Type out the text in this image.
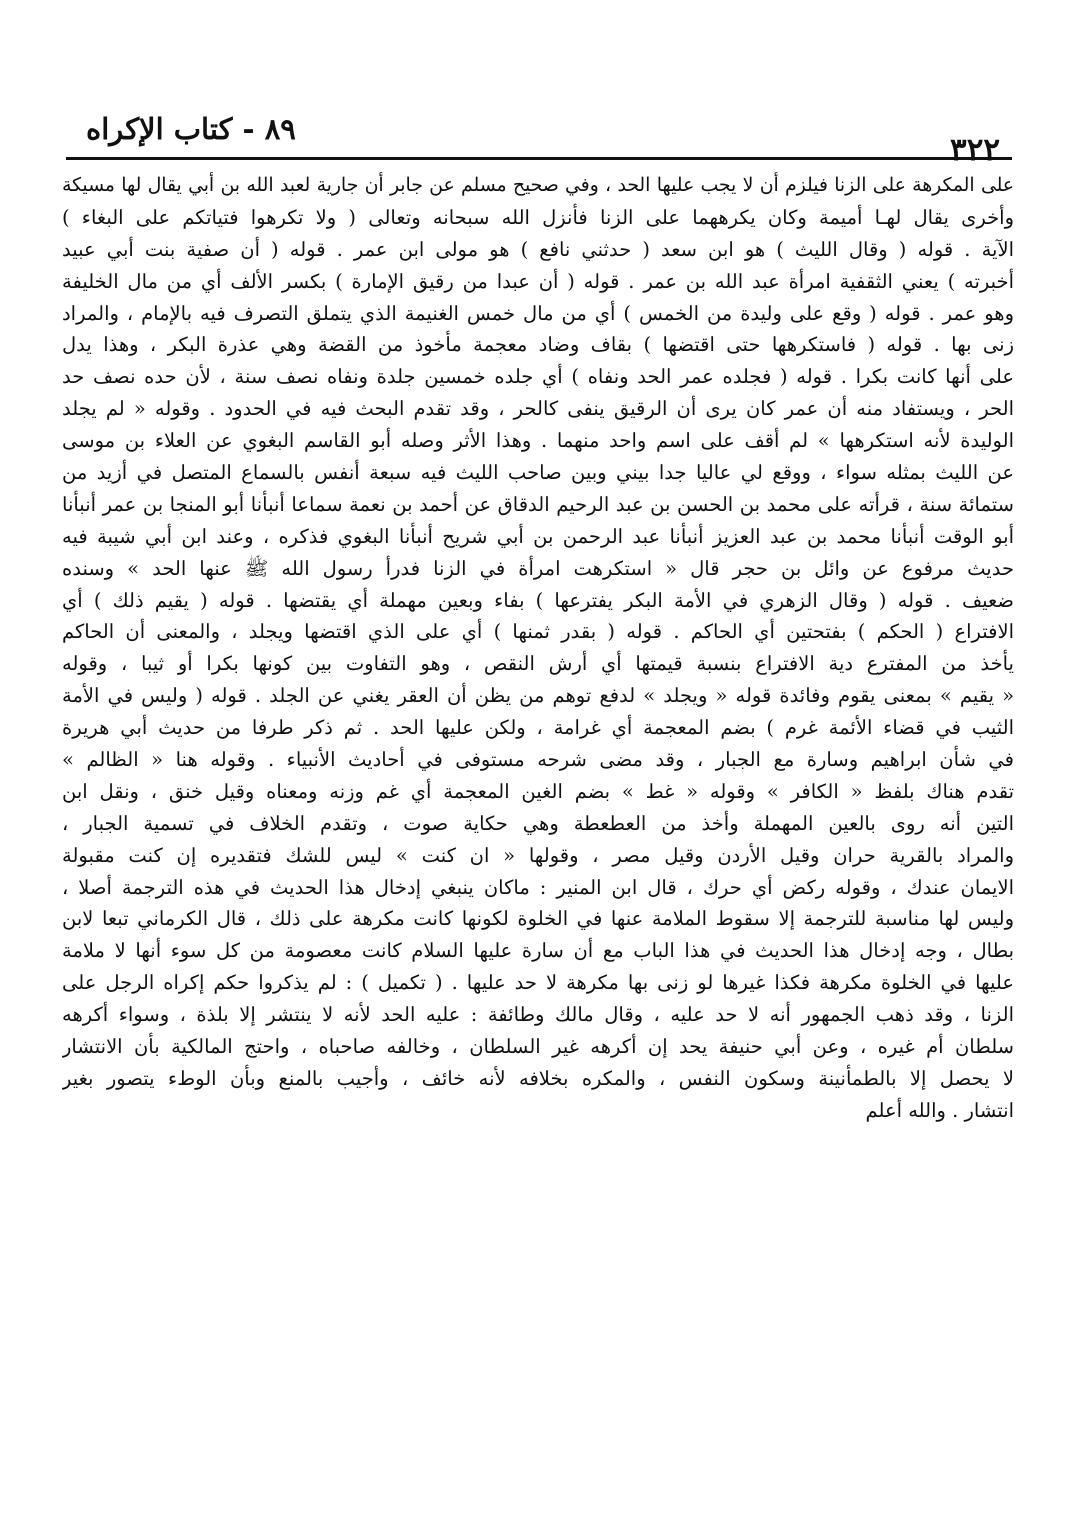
٨٩ - كتاب الإكراه
٣٢٢
على المكرهة على الزنا فيلزم أن لا يجب عليها الحد ، وفي صحيح مسلم عن جابر أن جارية لعبد الله بن أبي يقال لها مسيكة
وأخرى يقال لهـا أميمة وكان يكرههما على الزنا فأنزل الله سبحانه وتعالى ( ولا تكرهوا فتياتكم على البغاء )
الآية . قوله ( وقال الليث ) هو ابن سعد ( حدثني نافع ) هو مولى ابن عمر . قوله ( أن صفية بنت أبي عبيد
أخبرته ) يعني الثقفية امرأة عبد الله بن عمر . قوله ( أن عبدا من رقيق الإمارة ) بكسر الألف أي من مال الخليفة
وهو عمر . قوله ( وقع على وليدة من الخمس ) أي من مال خمس الغنيمة الذي يتملق التصرف فيه بالإمام ، والمراد
زنى بها . قوله ( فاستكرهها حتى اقتضها ) بقاف وضاد معجمة مأخوذ من القضة وهي عذرة البكر ، وهذا يدل
على أنها كانت بكرا . قوله ( فجلده عمر الحد ونفاه ) أي جلده خمسين جلدة ونفاه نصف سنة ، لأن حده نصف حد
الحر ، ويستفاد منه أن عمر كان يرى أن الرقيق ينفى كالحر ، وقد تقدم البحث فيه في الحدود . وقوله « لم يجلد
الوليدة لأنه استكرهها » لم أقف على اسم واحد منهما . وهذا الأثر وصله أبو القاسم البغوي عن العلاء بن موسى
عن الليث بمثله سواء ، ووقع لي عاليا جدا بيني وبين صاحب الليث فيه سبعة أنفس بالسماع المتصل في أزيد من
ستمائة سنة ، قرأته على محمد بن الحسن بن عبد الرحيم الدقاق عن أحمد بن نعمة سماعا أنبأنا أبو المنجا بن عمر أنبأنا
أبو الوقت أنبأنا محمد بن عبد العزيز أنبأنا عبد الرحمن بن أبي شريح أنبأنا البغوي فذكره ، وعند ابن أبي شيبة فيه
حديث مرفوع عن وائل بن حجر قال « استكرهت امرأة في الزنا فدرأ رسول الله ﷺ عنها الحد » وسنده
ضعيف . قوله ( وقال الزهري في الأمة البكر يفترعها ) بفاء وبعين مهملة أي يقتضها . قوله ( يقيم ذلك ) أي
الافتراع ( الحكم ) بفتحتين أي الحاكم . قوله ( بقدر ثمنها ) أي على الذي اقتضها ويجلد ، والمعنى أن الحاكم
يأخذ من المفترع دية الافتراع بنسبة قيمتها أي أرش النقص ، وهو التفاوت بين كونها بكرا أو ثيبا ، وقوله
« يقيم » بمعنى يقوم وفائدة قوله « ويجلد » لدفع توهم من يظن أن العقر يغني عن الجلد . قوله ( وليس في الأمة
الثيب في قضاء الأئمة غرم ) بضم المعجمة أي غرامة ، ولكن عليها الحد . ثم ذكر طرفا من حديث أبي هريرة
في شأن ابراهيم وسارة مع الجبار ، وقد مضى شرحه مستوفى في أحاديث الأنبياء . وقوله هنا « الظالم »
تقدم هناك بلفظ « الكافر » وقوله « غط » بضم الغين المعجمة أي غم وزنه ومعناه وقيل خنق ، ونقل ابن
التين أنه روى بالعين المهملة وأخذ من العطعطة وهي حكاية صوت ، وتقدم الخلاف في تسمية الجبار ،
والمراد بالقرية حران وقيل الأردن وقيل مصر ، وقولها « ان كنت » ليس للشك فتقديره إن كنت مقبولة
الايمان عندك ، وقوله ركض أي حرك ، قال ابن المنير : ماكان ينبغي إدخال هذا الحديث في هذه الترجمة أصلا ،
وليس لها مناسبة للترجمة إلا سقوط الملامة عنها في الخلوة لكونها كانت مكرهة على ذلك ، قال الكرماني تبعا لابن
بطال ، وجه إدخال هذا الحديث في هذا الباب مع أن سارة عليها السلام كانت معصومة من كل سوء أنها لا ملامة
عليها في الخلوة مكرهة فكذا غيرها لو زنى بها مكرهة لا حد عليها . ( تكميل ) : لم يذكروا حكم إكراه الرجل على
الزنا ، وقد ذهب الجمهور أنه لا حد عليه ، وقال مالك وطائفة : عليه الحد لأنه لا ينتشر إلا بلذة ، وسواء أكرهه
سلطان أم غيره ، وعن أبي حنيفة يحد إن أكرهه غير السلطان ، وخالفه صاحباه ، واحتج المالكية بأن الانتشار
لا يحصل إلا بالطمأنينة وسكون النفس ، والمكره بخلافه لأنه خائف ، وأجيب بالمنع وبأن الوطء يتصور بغير
انتشار . والله أعلم
